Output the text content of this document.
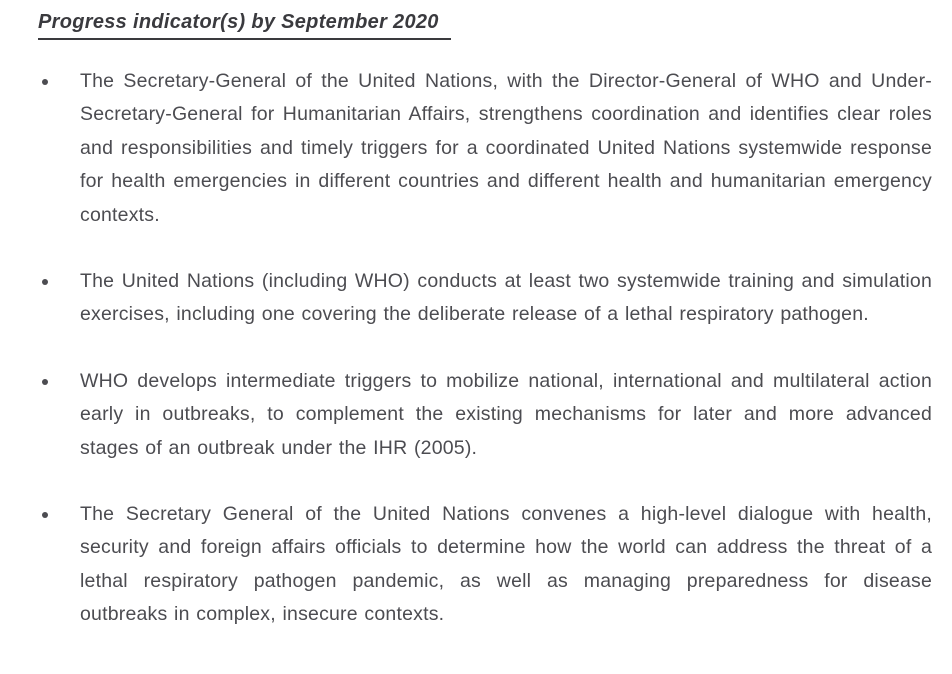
Progress indicator(s) by September 2020
The Secretary-General of the United Nations, with the Director-General of WHO and Under-Secretary-General for Humanitarian Affairs, strengthens coordination and identifies clear roles and responsibilities and timely triggers for a coordinated United Nations systemwide response for health emergencies in different countries and different health and humanitarian emergency contexts.
The United Nations (including WHO) conducts at least two systemwide training and simulation exercises, including one covering the deliberate release of a lethal respiratory pathogen.
WHO develops intermediate triggers to mobilize national, international and multilateral action early in outbreaks, to complement the existing mechanisms for later and more advanced stages of an outbreak under the IHR (2005).
The Secretary General of the United Nations convenes a high-level dialogue with health, security and foreign affairs officials to determine how the world can address the threat of a lethal respiratory pathogen pandemic, as well as managing preparedness for disease outbreaks in complex, insecure contexts.
